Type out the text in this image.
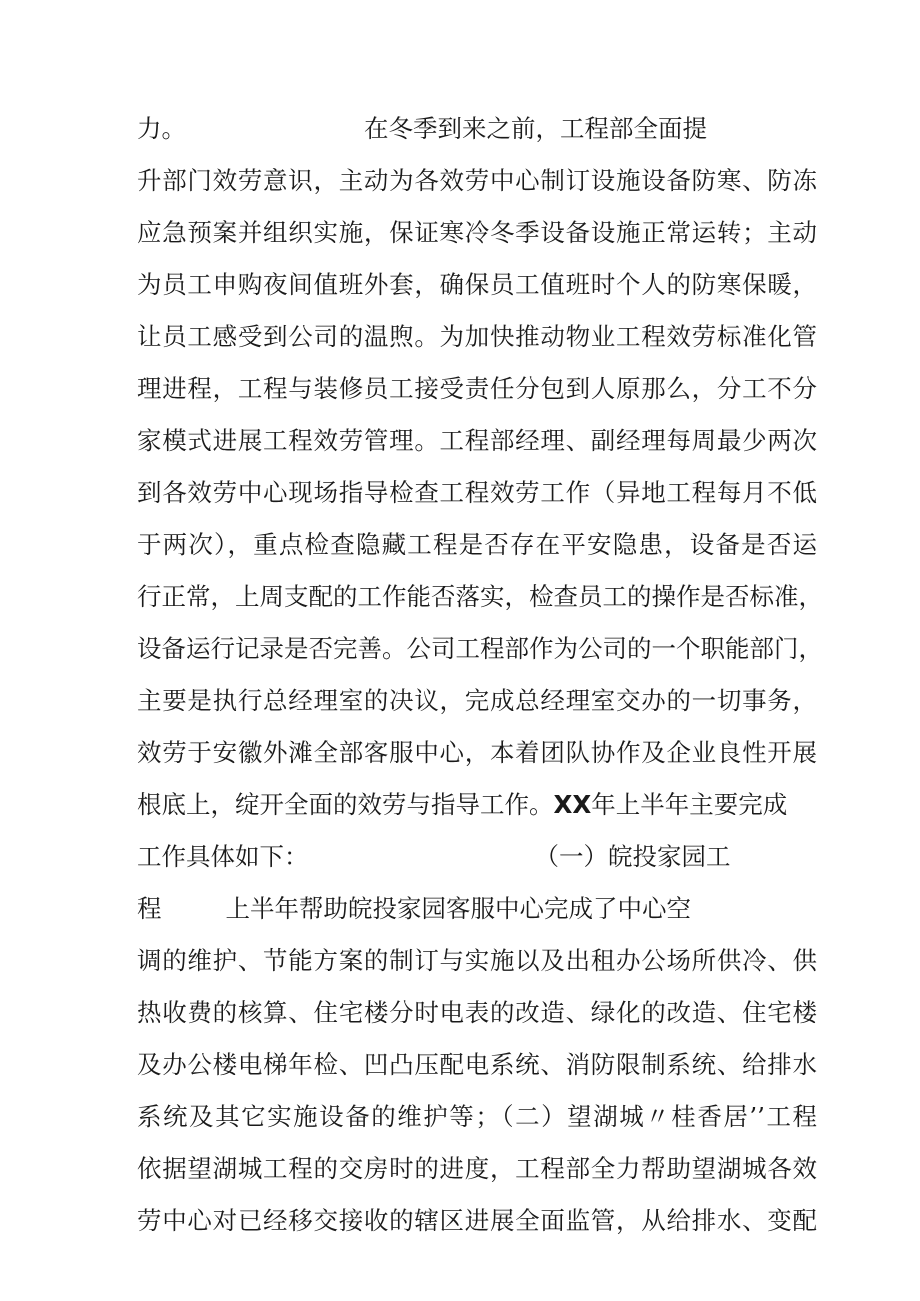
力。	在冬季到来之前，工程部全面提
升部门效劳意识，主动为各效劳中心制订设施设备防寒、防冻
应急预案并组织实施，保证寒冷冬季设备设施正常运转；主动
为员工申购夜间值班外套，确保员工值班时个人的防寒保暖，
让员工感受到公司的温煦。为加快推动物业工程效劳标准化管
理进程，工程与装修员工接受责任分包到人原那么，分工不分
家模式进展工程效劳管理。工程部经理、副经理每周最少两次
到各效劳中心现场指导检查工程效劳工作（异地工程每月不低
于两次），重点检查隐藏工程是否存在平安隐患，设备是否运
行正常，上周支配的工作能否落实，检查员工的操作是否标准，
设备运行记录是否完善。公司工程部作为公司的一个职能部门，
主要是执行总经理室的决议，完成总经理室交办的一切事务，
效劳于安徽外滩全部客服中心，本着团队协作及企业良性开展
根底上，绽开全面的效劳与指导工作。XX年上半年主要完成
工作具体如下：	（一）皖投家园工
程	上半年帮助皖投家园客服中心完成了中心空
调的维护、节能方案的制订与实施以及出租办公场所供冷、供
热收费的核算、住宅楼分时电表的改造、绿化的改造、住宅楼
及办公楼电梯年检、凹凸压配电系统、消防限制系统、给排水
系统及其它实施设备的维护等；（二）望湖城〃桂香居’’工程
依据望湖城工程的交房时的进度，工程部全力帮助望湖城各效
劳中心对已经移交接收的辖区进展全面监管，从给排水、变配
